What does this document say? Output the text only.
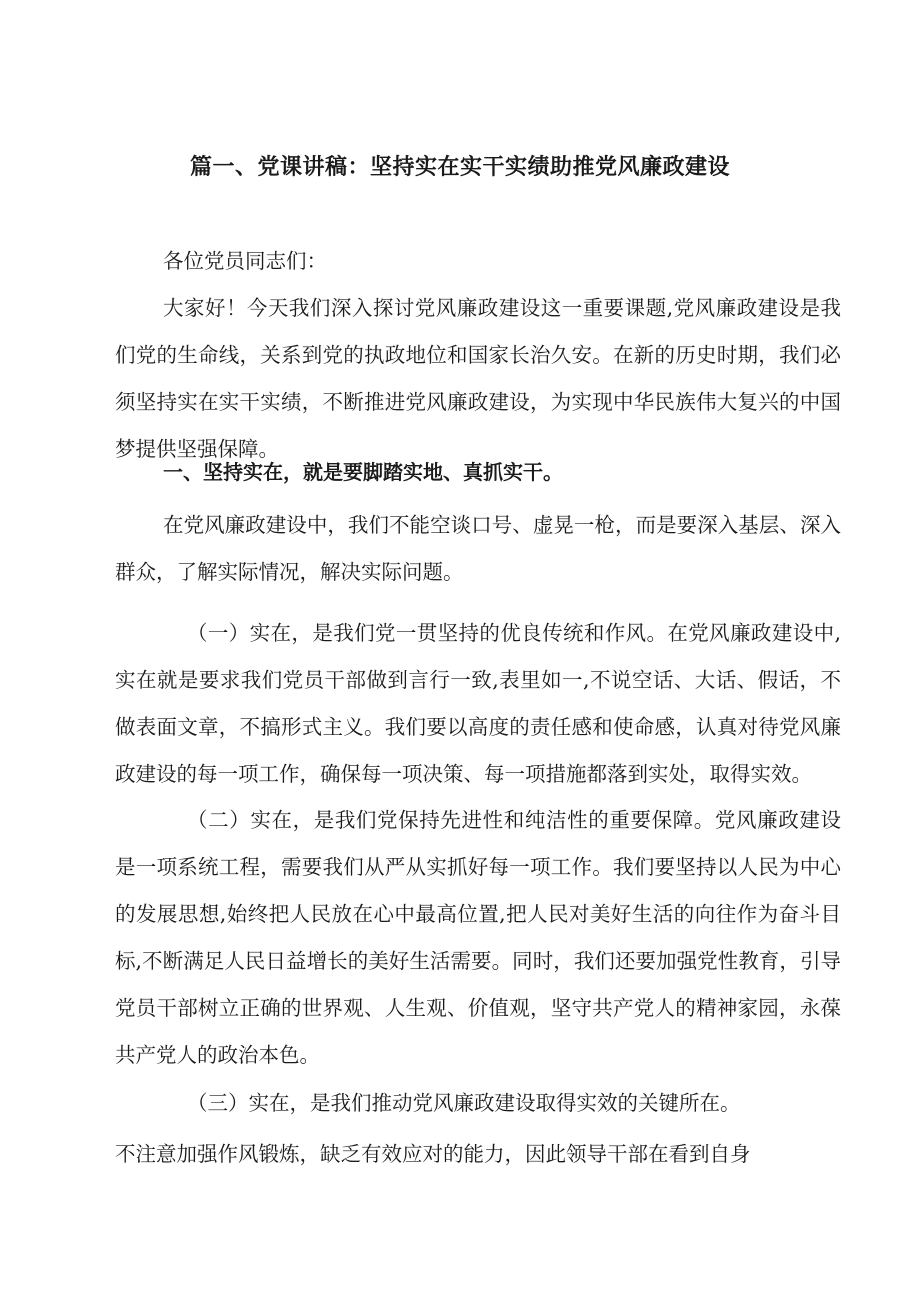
篇一、党课讲稿：坚持实在实干实绩助推党风廉政建设
各位党员同志们：
大家好！今天我们深入探讨党风廉政建设这一重要课题,党风廉政建设是我们党的生命线，关系到党的执政地位和国家长治久安。在新的历史时期，我们必须坚持实在实干实绩，不断推进党风廉政建设，为实现中华民族伟大复兴的中国梦提供坚强保障。
一、坚持实在，就是要脚踏实地、真抓实干。
在党风廉政建设中，我们不能空谈口号、虚晃一枪，而是要深入基层、深入群众，了解实际情况，解决实际问题。
（一）实在，是我们党一贯坚持的优良传统和作风。在党风廉政建设中,实在就是要求我们党员干部做到言行一致,表里如一,不说空话、大话、假话，不做表面文章，不搞形式主义。我们要以高度的责任感和使命感，认真对待党风廉政建设的每一项工作，确保每一项决策、每一项措施都落到实处，取得实效。
（二）实在，是我们党保持先进性和纯洁性的重要保障。党风廉政建设是一项系统工程，需要我们从严从实抓好每一项工作。我们要坚持以人民为中心的发展思想,始终把人民放在心中最高位置,把人民对美好生活的向往作为奋斗目标,不断满足人民日益增长的美好生活需要。同时，我们还要加强党性教育，引导党员干部树立正确的世界观、人生观、价值观，坚守共产党人的精神家园，永葆共产党人的政治本色。
（三）实在，是我们推动党风廉政建设取得实效的关键所在。
不注意加强作风锻炼，缺乏有效应对的能力，因此领导干部在看到自身
